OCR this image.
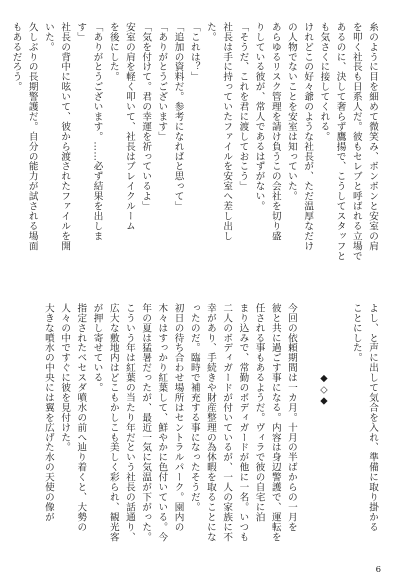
糸のように目を細めて微笑み、ボンボンと安室の肩
を叩く社長も日系人だ。彼もセレブと呼ばれる立場で
あるのに、決して奢らず鷹揚で、こうしてスタッフと
も気さくに接してくれる。
けれどこの好々爺のような社長が、ただ温厚なだけ
の人物でないことを安室は知っていた。
あらゆるリスク管理を請け負うこの会社を切り盛
りしている彼が、常人であるはずがない。
「そうだ、これを君に渡しておこう」
社長は手に持っていたファイルを安室へ差し出し
た。
「これは？」
「追加の資料だ。参考になればと思って」
「ありがとうございます」
「気を付けて。君の幸運を祈っているよ」
安室の肩を軽く叩いて、社長はブレイクルーム
を後にした。
「ありがとうございます。……必ず結果を出しま
す」
社長の背中に呟いて、彼から渡されたファイルを開
いた。
久しぶりの長期警護だ。自分の能力が試される場面
もあるだろう。
よし、と声に出して気合を入れ、準備に取り掛かる
ことにした。

◆◇◆

今回の依頼期間は一カ月。十月の半ばからの一月を
彼と共に過ごす事になる。内容は身辺警護で、運転を
任される事もあるようだ。ヴィラで彼の自宅に泊
まり込みで、常勤のボディガードが他に一名。いつも
二人のボディガードが付いているが、一人の家族に不
幸があり、手続きや財産整理の為休暇を取ることにな
ったのだ。臨時で補充する事になったそうだ。
初日の待ち合わせ場所はセントラルパーク。園内の
木々はすっかり紅葉して、鮮やかに色付いている。今
年の夏は猛暑だったが、最近一気に気温が下がった。
こういう年は紅葉の当たり年だという社長の話通り、
広大な敷地内はどこもかしこも美しく彩られ、観光客
が押し寄せている。
指定されたベセスダ噴水の前へ辿り着くと、大勢の
人々の中ですぐに彼を見付けた。
大きな噴水の中央には翼を広げた水の天使の像が
6
